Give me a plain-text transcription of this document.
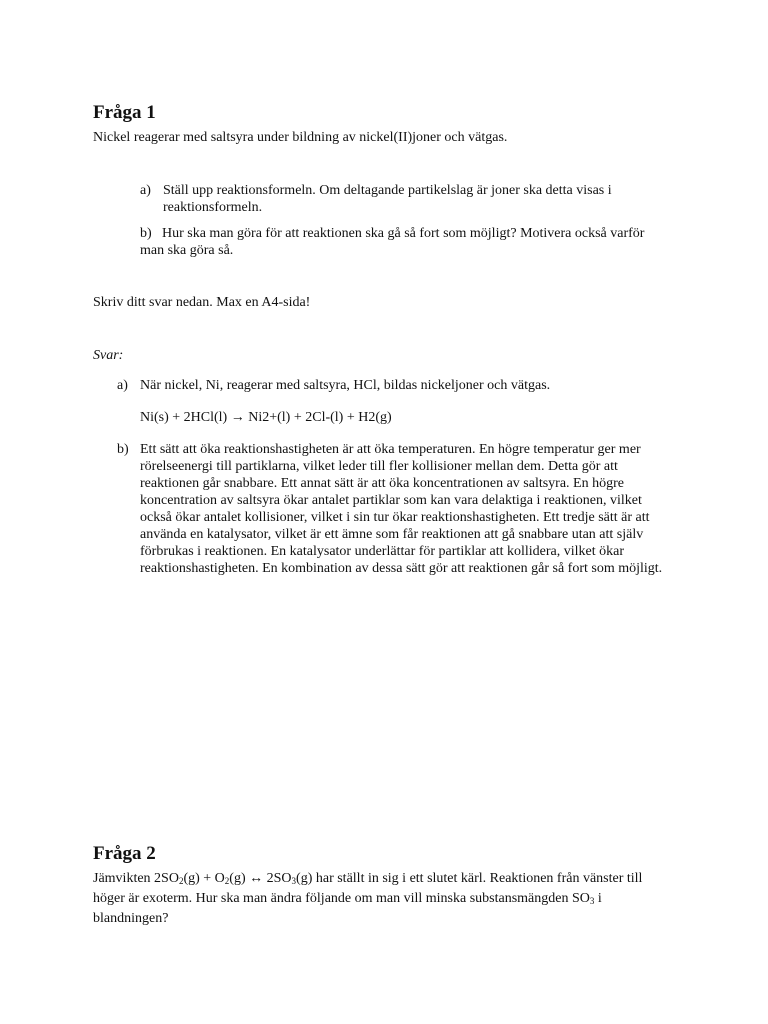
Fråga 1

Nickel reagerar med saltsyra under bildning av nickel(II)joner och vätgas.

a) Ställ upp reaktionsformeln. Om deltagande partikelslag är joner ska detta visas i reaktionsformeln.

b) Hur ska man göra för att reaktionen ska gå så fort som möjligt? Motivera också varför man ska göra så.

Skriv ditt svar nedan. Max en A4-sida!

Svar:

a) När nickel, Ni, reagerar med saltsyra, HCl, bildas nickeljoner och vätgas.

Ni(s) + 2HCl(l) → Ni2+(l) + 2Cl-(l) + H2(g)

b) Ett sätt att öka reaktionshastigheten är att öka temperaturen. En högre temperatur ger mer rörelseenergi till partiklarna, vilket leder till fler kollisioner mellan dem. Detta gör att reaktionen går snabbare. Ett annat sätt är att öka koncentrationen av saltsyra. En högre koncentration av saltsyra ökar antalet partiklar som kan vara delaktiga i reaktionen, vilket också ökar antalet kollisioner, vilket i sin tur ökar reaktionshastigheten. Ett tredje sätt är att använda en katalysator, vilket är ett ämne som får reaktionen att gå snabbare utan att själv förbrukas i reaktionen. En katalysator underlättar för partiklar att kollidera, vilket ökar reaktionshastigheten. En kombination av dessa sätt gör att reaktionen går så fort som möjligt.

Fråga 2

Jämvikten $2SO_2(g) + O_2(g)$ ↔ $2SO_3(g)$ har ställt in sig i ett slutet kärl. Reaktionen från vänster till höger är exoterm. Hur ska man ändra följande om man vill minska substansmängden $SO_3$ i blandningen?
